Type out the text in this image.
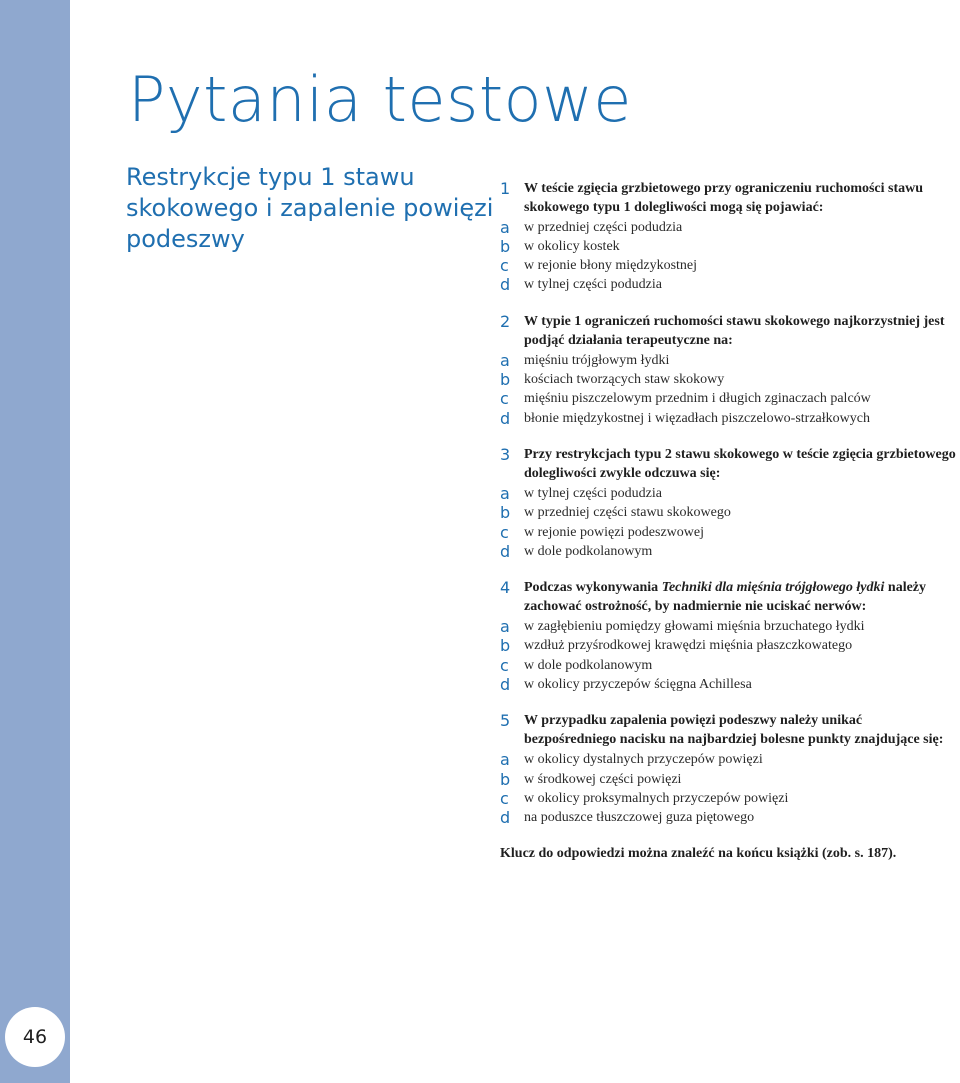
46
Pytania testowe
Restrykcje typu 1 stawu skokowego i zapalenie powięzi podeszwy
1 W teście zgięcia grzbietowego przy ograniczeniu ruchomości stawu skokowego typu 1 dolegliwości mogą się pojawiać:
a	w przedniej części podudzia
b w okolicy kostek
c	w rejonie błony międzykostnej
d w tylnej części podudzia
2 W typie 1 ograniczeń ruchomości stawu skokowego najkorzystniej jest podjąć działania terapeutyczne na:
a	mięśniu trójgłowym łydki
b kościach tworzących staw skokowy
c	mięśniu piszczelowym przednim i długich zginaczach palców
d błonie międzykostnej i więzadłach piszczelowo-strzałkowych
3 Przy restrykcjach typu 2 stawu skokowego w teście zgięcia grzbietowego dolegliwości zwykle odczuwa się:
a	w tylnej części podudzia
b w przedniej części stawu skokowego
c	w rejonie powięzi podeszwowej
d w dole podkolanowym
4 Podczas wykonywania Techniki dla mięśnia trójgłowego łydki należy zachować ostrożność, by nadmiernie nie uciskać nerwów:
a	w zagłębieniu pomiędzy głowami mięśnia brzuchatego łydki
b wzdłuż przyśrodkowej krawędzi mięśnia płaszczkowatego
c	w dole podkolanowym
d w okolicy przyczepów ścięgna Achillesa
5 W przypadku zapalenia powięzi podeszwy należy unikać bezpośredniego nacisku na najbardziej bolesne punkty znajdujące się:
a	w okolicy dystalnych przyczepów powięzi
b w środkowej części powięzi
c	w okolicy proksymalnych przyczepów powięzi
d na poduszce tłuszczowej guza piętowego
Klucz do odpowiedzi można znaleźć na końcu książki (zob. s. 187).
